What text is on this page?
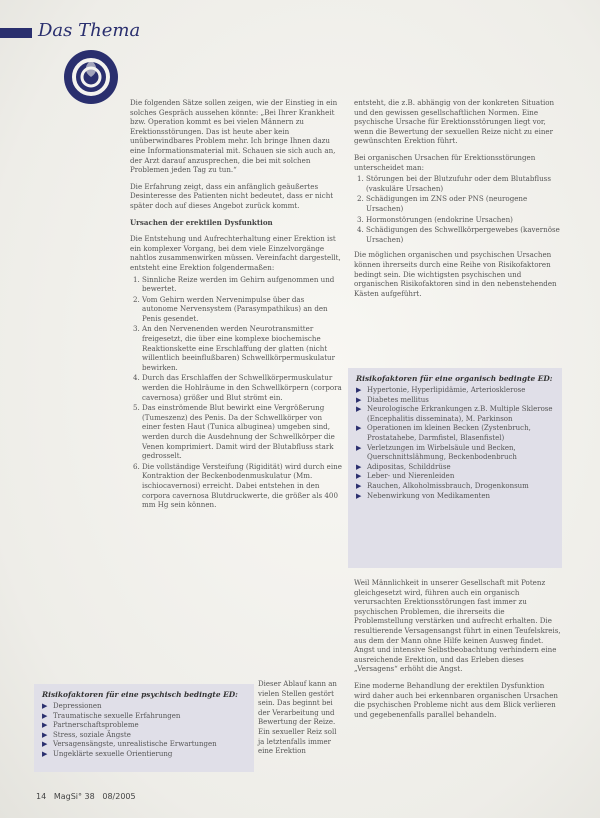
Das Thema

Die folgenden Sätze sollen zeigen, wie der Einstieg in ein solches Gespräch aussehen könnte: „Bei Ihrer Krankheit bzw. Operation kommt es bei vielen Männern zu Erektionsstörungen. Das ist heute aber kein unüberwindbares Problem mehr. Ich bringe Ihnen dazu eine Informationsmaterial mit. Schauen sie sich auch an, der Arzt darauf anzusprechen, die bei mit solchen Problemen jeden Tag zu tun.“

Die Erfahrung zeigt, dass ein anfänglich geäußertes Desinteresse des Patienten nicht bedeutet, dass er nicht später doch auf dieses Angebot zurück kommt.

Ursachen der erektilen Dysfunktion

Die Entstehung und Aufrechterhaltung einer Erektion ist ein komplexer Vorgang, bei dem viele Einzelvorgänge nahtlos zusammenwirken müssen. Vereinfacht dargestellt, entsteht eine Erektion folgendermaßen:

1. Sinnliche Reize werden im Gehirn aufgenommen und bewertet.
2. Vom Gehirn werden Nervenimpulse über das autonome Nervensystem (Parasympathikus) an den Penis gesendet.
3. An den Nervenenden werden Neurotransmitter freigesetzt, die über eine komplexe biochemische Reaktionskette eine Erschlaffung der glatten (nicht willentlich beeinflußbaren) Schwellkörpermuskulatur bewirken.
4. Durch das Erschlaffen der Schwellkörpermuskulatur werden die Hohlräume in den Schwellkörpern (corpora cavernosa) größer und Blut strömt ein.
5. Das einströmende Blut bewirkt eine Vergrößerung (Tumeszenz) des Penis. Da der Schwellkörper von einer festen Haut (Tunica albuginea) umgeben sind, werden durch die Ausdehnung der Schwellkörper die Venen komprimiert. Damit wird der Blutabfluss stark gedrosselt.
6. Die vollständige Versteifung (Rigidität) wird durch eine Kontraktion der Beckenbodenmuskulatur (Mm. ischiocavernosi) erreicht. Dabei entstehen in den corpora cavernosa Blutdruckwerte, die größer als 400 mm Hg sein können.

entsteht, die z.B. abhängig von der konkreten Situation und den gewissen gesellschaftlichen Normen. Eine psychische Ursache für Erektionsstörungen liegt vor, wenn die Bewertung der sexuellen Reize nicht zu einer gewünschten Erektion führt.

Bei organischen Ursachen für Erektionsstörungen unterscheidet man:

1. Störungen bei der Blutzufuhr oder dem Blutabfluss (vaskuläre Ursachen)
2. Schädigungen im ZNS oder PNS (neurogene Ursachen)
3. Hormonstörungen (endokrine Ursachen)
4. Schädigungen des Schwellkörpergewebes (kavernöse Ursachen)

Die möglichen organischen und psychischen Ursachen können ihrerseits durch eine Reihe von Risikofaktoren bedingt sein. Die wichtigsten psychischen und organischen Risikofaktoren sind in den nebenstehenden Kästen aufgeführt.

Risikofaktoren für eine organisch bedingte ED:
▶ Hypertonie, Hyperlipidämie, Arteriosklerose
▶ Diabetes mellitus
▶ Neurologische Erkrankungen z.B. Multiple Sklerose (Encephalitis disseminata), M. Parkinson
▶ Operationen im kleinen Becken (Zystenbruch, Prostatahebe, Darmfistel, Blasenfistel)
▶ Verletzungen im Wirbelsäule und Becken, Querschnittslähmung, Beckenbodenbruch
▶ Adipositas, Schilddrüse
▶ Leber- und Nierenleiden
▶ Rauchen, Alkoholmissbrauch, Drogenkonsum
▶ Nebenwirkung von Medikamenten

Weil Männlichkeit in unserer Gesellschaft mit Potenz gleichgesetzt wird, führen auch ein organisch verursachten Erektionsstörungen fast immer zu psychischen Problemen, die ihrerseits die Problemstellung verstärken und aufrecht erhalten. Die resultierende Versagensangst führt in einen Teufelskreis, aus dem der Mann ohne Hilfe keinen Ausweg findet. Angst und intensive Selbstbeobachtung verhindern eine ausreichende Erektion, und das Erleben dieses „Versagens“ erhöht die Angst.

Eine moderne Behandlung der erektilen Dysfunktion wird daher auch bei erkennbaren organischen Ursachen die psychischen Probleme nicht aus dem Blick verlieren und gegebenenfalls parallel behandeln.

Risikofaktoren für eine psychisch bedingte ED:
▶ Depressionen
▶ Traumatische sexuelle Erfahrungen
▶ Partnerschaftsprobleme
▶ Stress, soziale Ängste
▶ Versagensängste, unrealistische Erwartungen
▶ Ungeklärte sexuelle Orientierung
Dieser Ablauf kann an vielen Stellen gestört sein. Das beginnt bei der Verarbeitung und Bewertung der Reize. Ein sexueller Reiz soll ja letztenfalls immer eine Erektion
14 MagSi° 38 08/2005
